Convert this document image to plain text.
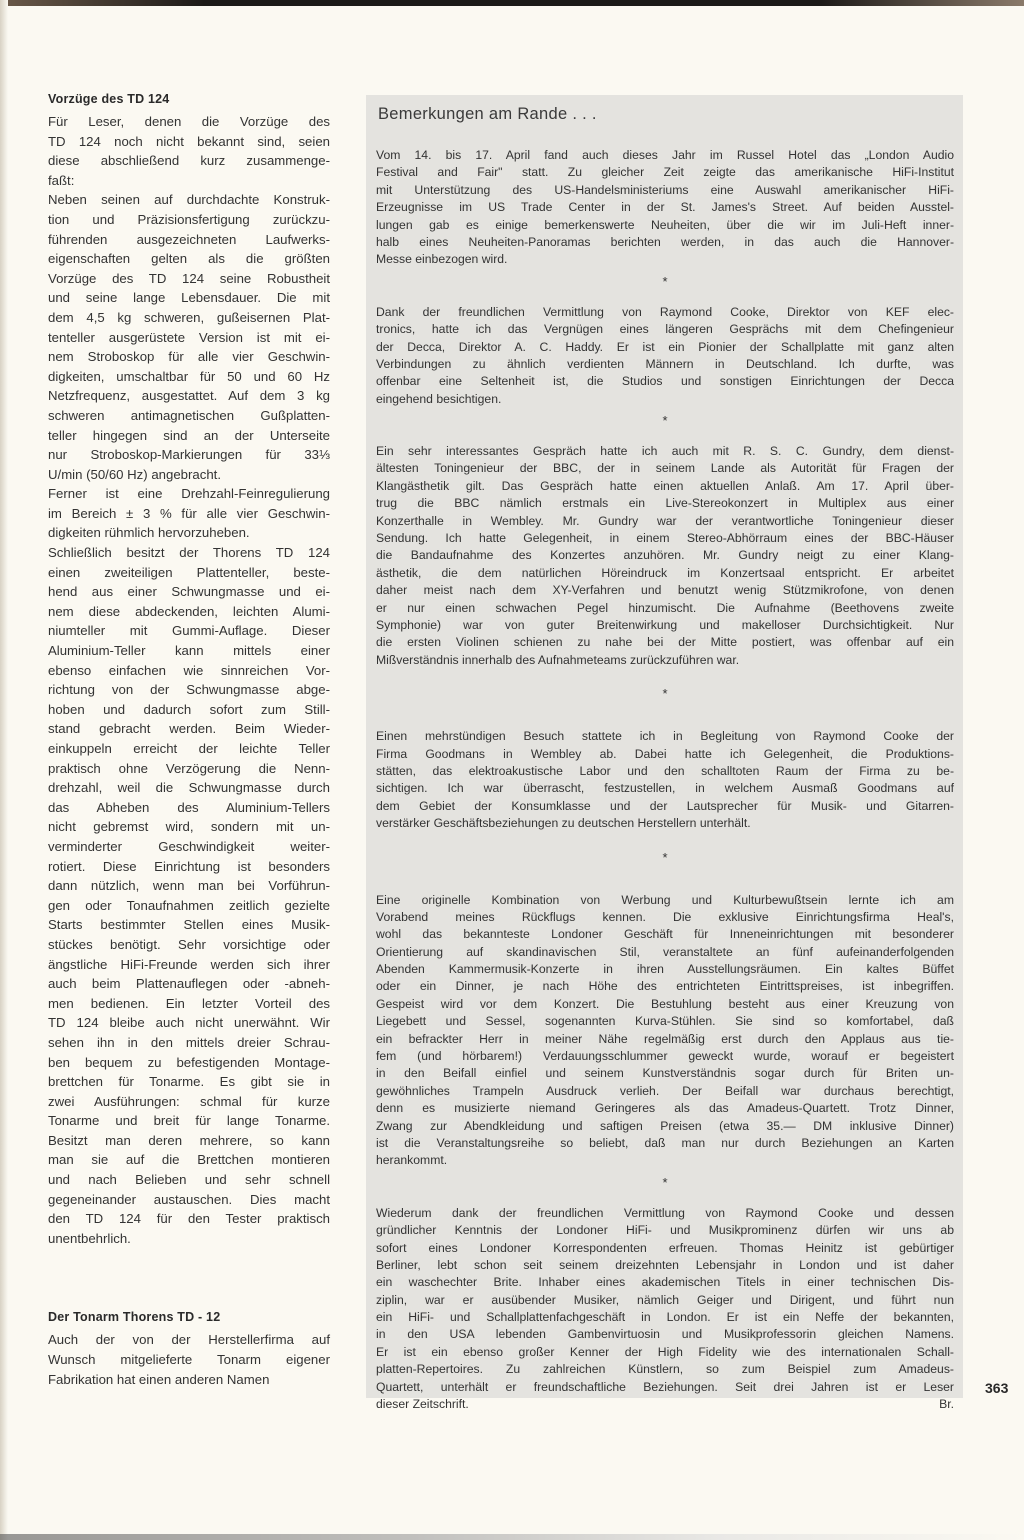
Vorzüge des TD 124
Für Leser, denen die Vorzüge des
TD 124 noch nicht bekannt sind, seien
diese abschließend kurz zusammenge-
faßt:
Neben seinen auf durchdachte Konstruk-
tion und Präzisionsfertigung zurückzu-
führenden ausgezeichneten Laufwerks-
eigenschaften gelten als die größten
Vorzüge des TD 124 seine Robustheit
und seine lange Lebensdauer. Die mit
dem 4,5 kg schweren, gußeisernen Plat-
tenteller ausgerüstete Version ist mit ei-
nem Stroboskop für alle vier Geschwin-
digkeiten, umschaltbar für 50 und 60 Hz
Netzfrequenz, ausgestattet. Auf dem 3 kg
schweren antimagnetischen Gußplatten-
teller hingegen sind an der Unterseite
nur Stroboskop-Markierungen für 33⅓
U/min (50/60 Hz) angebracht.
Ferner ist eine Drehzahl-Feinregulierung
im Bereich ± 3 % für alle vier Geschwin-
digkeiten rühmlich hervorzuheben.
Schließlich besitzt der Thorens TD 124
einen zweiteiligen Plattenteller, beste-
hend aus einer Schwungmasse und ei-
nem diese abdeckenden, leichten Alumi-
niumteller mit Gummi-Auflage. Dieser
Aluminium-Teller kann mittels einer
ebenso einfachen wie sinnreichen Vor-
richtung von der Schwungmasse abge-
hoben und dadurch sofort zum Still-
stand gebracht werden. Beim Wieder-
einkuppeln erreicht der leichte Teller
praktisch ohne Verzögerung die Nenn-
drehzahl, weil die Schwungmasse durch
das Abheben des Aluminium-Tellers
nicht gebremst wird, sondern mit un-
verminderter Geschwindigkeit weiter-
rotiert. Diese Einrichtung ist besonders
dann nützlich, wenn man bei Vorführun-
gen oder Tonaufnahmen zeitlich gezielte
Starts bestimmter Stellen eines Musik-
stückes benötigt. Sehr vorsichtige oder
ängstliche HiFi-Freunde werden sich ihrer
auch beim Plattenauflegen oder -abneh-
men bedienen. Ein letzter Vorteil des
TD 124 bleibe auch nicht unerwähnt. Wir
sehen ihn in den mittels dreier Schrau-
ben bequem zu befestigenden Montage-
brettchen für Tonarme. Es gibt sie in
zwei Ausführungen: schmal für kurze
Tonarme und breit für lange Tonarme.
Besitzt man deren mehrere, so kann
man sie auf die Brettchen montieren
und nach Belieben und sehr schnell
gegeneinander austauschen. Dies macht
den TD 124 für den Tester praktisch
unentbehrlich.
Der Tonarm Thorens TD - 12
Auch der von der Herstellerfirma auf
Wunsch mitgelieferte Tonarm eigener
Fabrikation hat einen anderen Namen
Bemerkungen am Rande . . .
Vom 14. bis 17. April fand auch dieses Jahr im Russel Hotel das „London Audio
Festival and Fair" statt. Zu gleicher Zeit zeigte das amerikanische HiFi-Institut
mit Unterstützung des US-Handelsministeriums eine Auswahl amerikanischer HiFi-
Erzeugnisse im US Trade Center in der St. James's Street. Auf beiden Ausstel-
lungen gab es einige bemerkenswerte Neuheiten, über die wir im Juli-Heft inner-
halb eines Neuheiten-Panoramas berichten werden, in das auch die Hannover-
Messe einbezogen wird.
*
Dank der freundlichen Vermittlung von Raymond Cooke, Direktor von KEF elec-
tronics, hatte ich das Vergnügen eines längeren Gesprächs mit dem Chefingenieur
der Decca, Direktor A. C. Haddy. Er ist ein Pionier der Schallplatte mit ganz alten
Verbindungen zu ähnlich verdienten Männern in Deutschland. Ich durfte, was
offenbar eine Seltenheit ist, die Studios und sonstigen Einrichtungen der Decca
eingehend besichtigen.
*
Ein sehr interessantes Gespräch hatte ich auch mit R. S. C. Gundry, dem dienst-
ältesten Toningenieur der BBC, der in seinem Lande als Autorität für Fragen der
Klangästhetik gilt. Das Gespräch hatte einen aktuellen Anlaß. Am 17. April über-
trug die BBC nämlich erstmals ein Live-Stereokonzert in Multiplex aus einer
Konzerthalle in Wembley. Mr. Gundry war der verantwortliche Toningenieur dieser
Sendung. Ich hatte Gelegenheit, in einem Stereo-Abhörraum eines der BBC-Häuser
die Bandaufnahme des Konzertes anzuhören. Mr. Gundry neigt zu einer Klang-
ästhetik, die dem natürlichen Höreindruck im Konzertsaal entspricht. Er arbeitet
daher meist nach dem XY-Verfahren und benutzt wenig Stützmikrofone, von denen
er nur einen schwachen Pegel hinzumischt. Die Aufnahme (Beethovens zweite
Symphonie) war von guter Breitenwirkung und makelloser Durchsichtigkeit. Nur
die ersten Violinen schienen zu nahe bei der Mitte postiert, was offenbar auf ein
Mißverständnis innerhalb des Aufnahmeteams zurückzuführen war.
*
Einen mehrstündigen Besuch stattete ich in Begleitung von Raymond Cooke der
Firma Goodmans in Wembley ab. Dabei hatte ich Gelegenheit, die Produktions-
stätten, das elektroakustische Labor und den schalltoten Raum der Firma zu be-
sichtigen. Ich war überrascht, festzustellen, in welchem Ausmaß Goodmans auf
dem Gebiet der Konsumklasse und der Lautsprecher für Musik- und Gitarren-
verstärker Geschäftsbeziehungen zu deutschen Herstellern unterhält.
*
Eine originelle Kombination von Werbung und Kulturbewußtsein lernte ich am
Vorabend meines Rückflugs kennen. Die exklusive Einrichtungsfirma Heal's,
wohl das bekannteste Londoner Geschäft für Inneneinrichtungen mit besonderer
Orientierung auf skandinavischen Stil, veranstaltete an fünf aufeinanderfolgenden
Abenden Kammermusik-Konzerte in ihren Ausstellungsräumen. Ein kaltes Büffet
oder ein Dinner, je nach Höhe des entrichteten Eintrittspreises, ist inbegriffen.
Gespeist wird vor dem Konzert. Die Bestuhlung besteht aus einer Kreuzung von
Liegebett und Sessel, sogenannten Kurva-Stühlen. Sie sind so komfortabel, daß
ein befrackter Herr in meiner Nähe regelmäßig erst durch den Applaus aus tie-
fem (und hörbarem!) Verdauungsschlummer geweckt wurde, worauf er begeistert
in den Beifall einfiel und seinem Kunstverständnis sogar durch für Briten un-
gewöhnliches Trampeln Ausdruck verlieh. Der Beifall war durchaus berechtigt,
denn es musizierte niemand Geringeres als das Amadeus-Quartett. Trotz Dinner,
Zwang zur Abendkleidung und saftigen Preisen (etwa 35.— DM inklusive Dinner)
ist die Veranstaltungsreihe so beliebt, daß man nur durch Beziehungen an Karten
herankommt.
*
Wiederum dank der freundlichen Vermittlung von Raymond Cooke und dessen
gründlicher Kenntnis der Londoner HiFi- und Musikprominenz dürfen wir uns ab
sofort eines Londoner Korrespondenten erfreuen. Thomas Heinitz ist gebürtiger
Berliner, lebt schon seit seinem dreizehnten Lebensjahr in London und ist daher
ein waschechter Brite. Inhaber eines akademischen Titels in einer technischen Dis-
ziplin, war er ausübender Musiker, nämlich Geiger und Dirigent, und führt nun
ein HiFi- und Schallplattenfachgeschäft in London. Er ist ein Neffe der bekannten,
in den USA lebenden Gambenvirtuosin und Musikprofessorin gleichen Namens.
Er ist ein ebenso großer Kenner der High Fidelity wie des internationalen Schall-
platten-Repertoires. Zu zahlreichen Künstlern, so zum Beispiel zum Amadeus-
Quartett, unterhält er freundschaftliche Beziehungen. Seit drei Jahren ist er Leser
dieser Zeitschrift.	Br.
363
